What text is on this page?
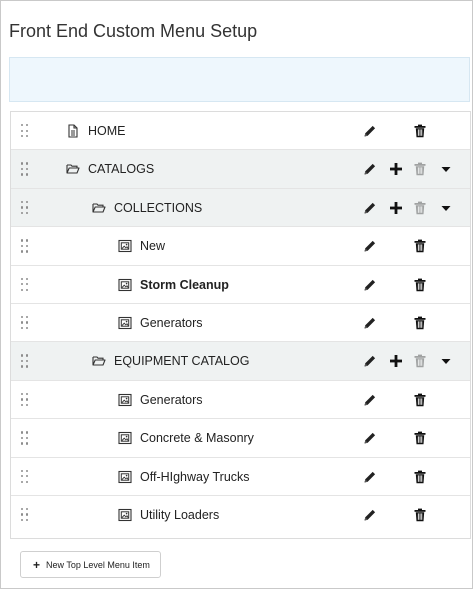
Front End Custom Menu Setup
HOME
CATALOGS
COLLECTIONS
New
Storm Cleanup
Generators
EQUIPMENT CATALOG
Generators
Concrete & Masonry
Off-HIghway Trucks
Utility Loaders
+ New Top Level Menu Item
